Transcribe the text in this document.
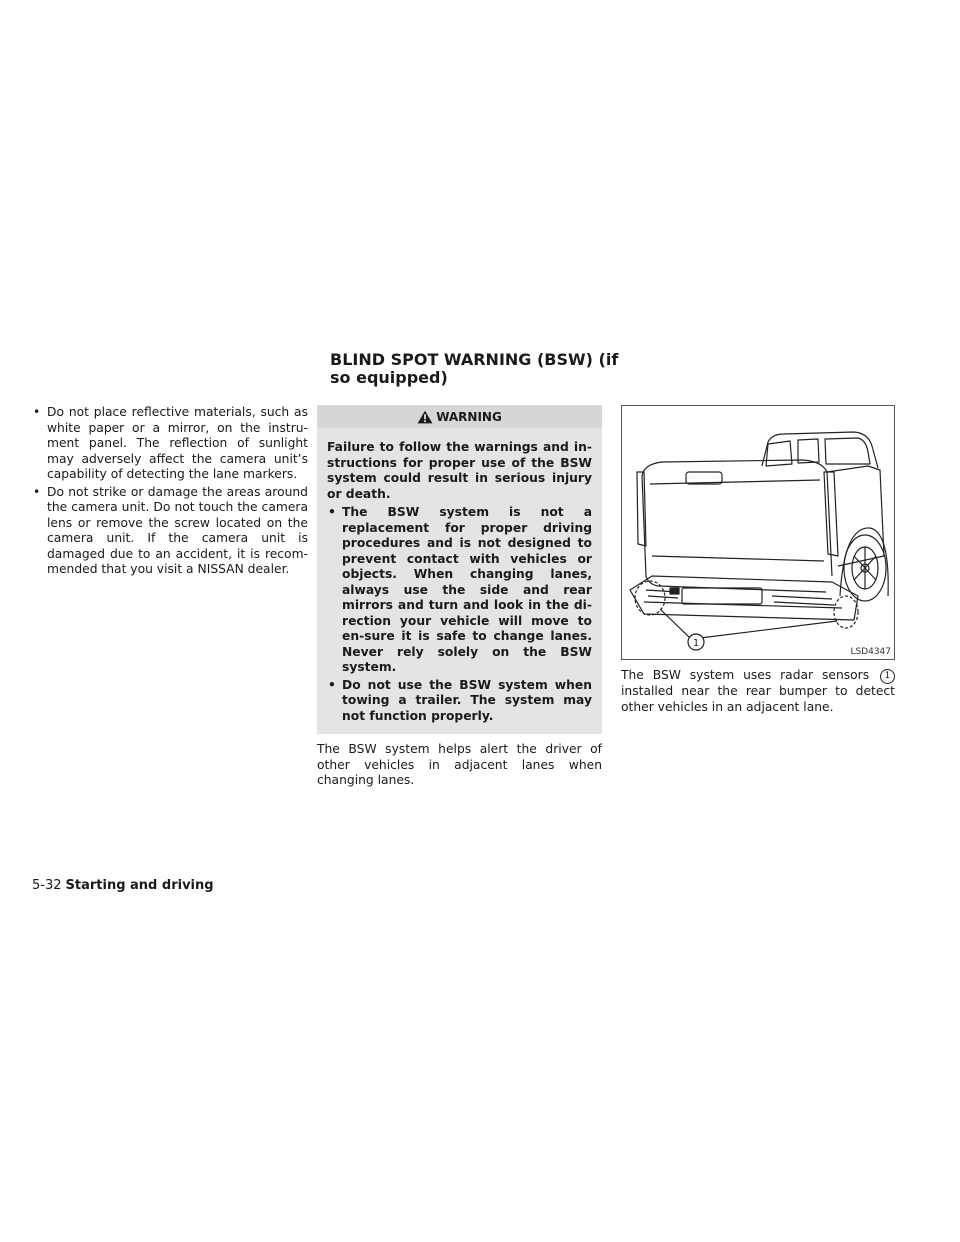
BLIND SPOT WARNING (BSW) (if so equipped)
• Do not place reflective materials, such as white paper or a mirror, on the instru-ment panel. The reflection of sunlight may adversely affect the camera unit’s capability of detecting the lane markers.
• Do not strike or damage the areas around the camera unit. Do not touch the camera lens or remove the screw located on the camera unit. If the camera unit is damaged due to an accident, it is recom-mended that you visit a NISSAN dealer.
WARNING
Failure to follow the warnings and in-structions for proper use of the BSW system could result in serious injury or death.
• The BSW system is not a replacement for proper driving procedures and is not designed to prevent contact with vehicles or objects. When changing lanes, always use the side and rear mirrors and turn and look in the di-rection your vehicle will move to en-sure it is safe to change lanes. Never rely solely on the BSW system.
• Do not use the BSW system when towing a trailer. The system may not function properly.
The BSW system helps alert the driver of other vehicles in adjacent lanes when changing lanes.
1
LSD4347
The BSW system uses radar sensors 1 installed near the rear bumper to detect other vehicles in an adjacent lane.
5-32 Starting and driving
